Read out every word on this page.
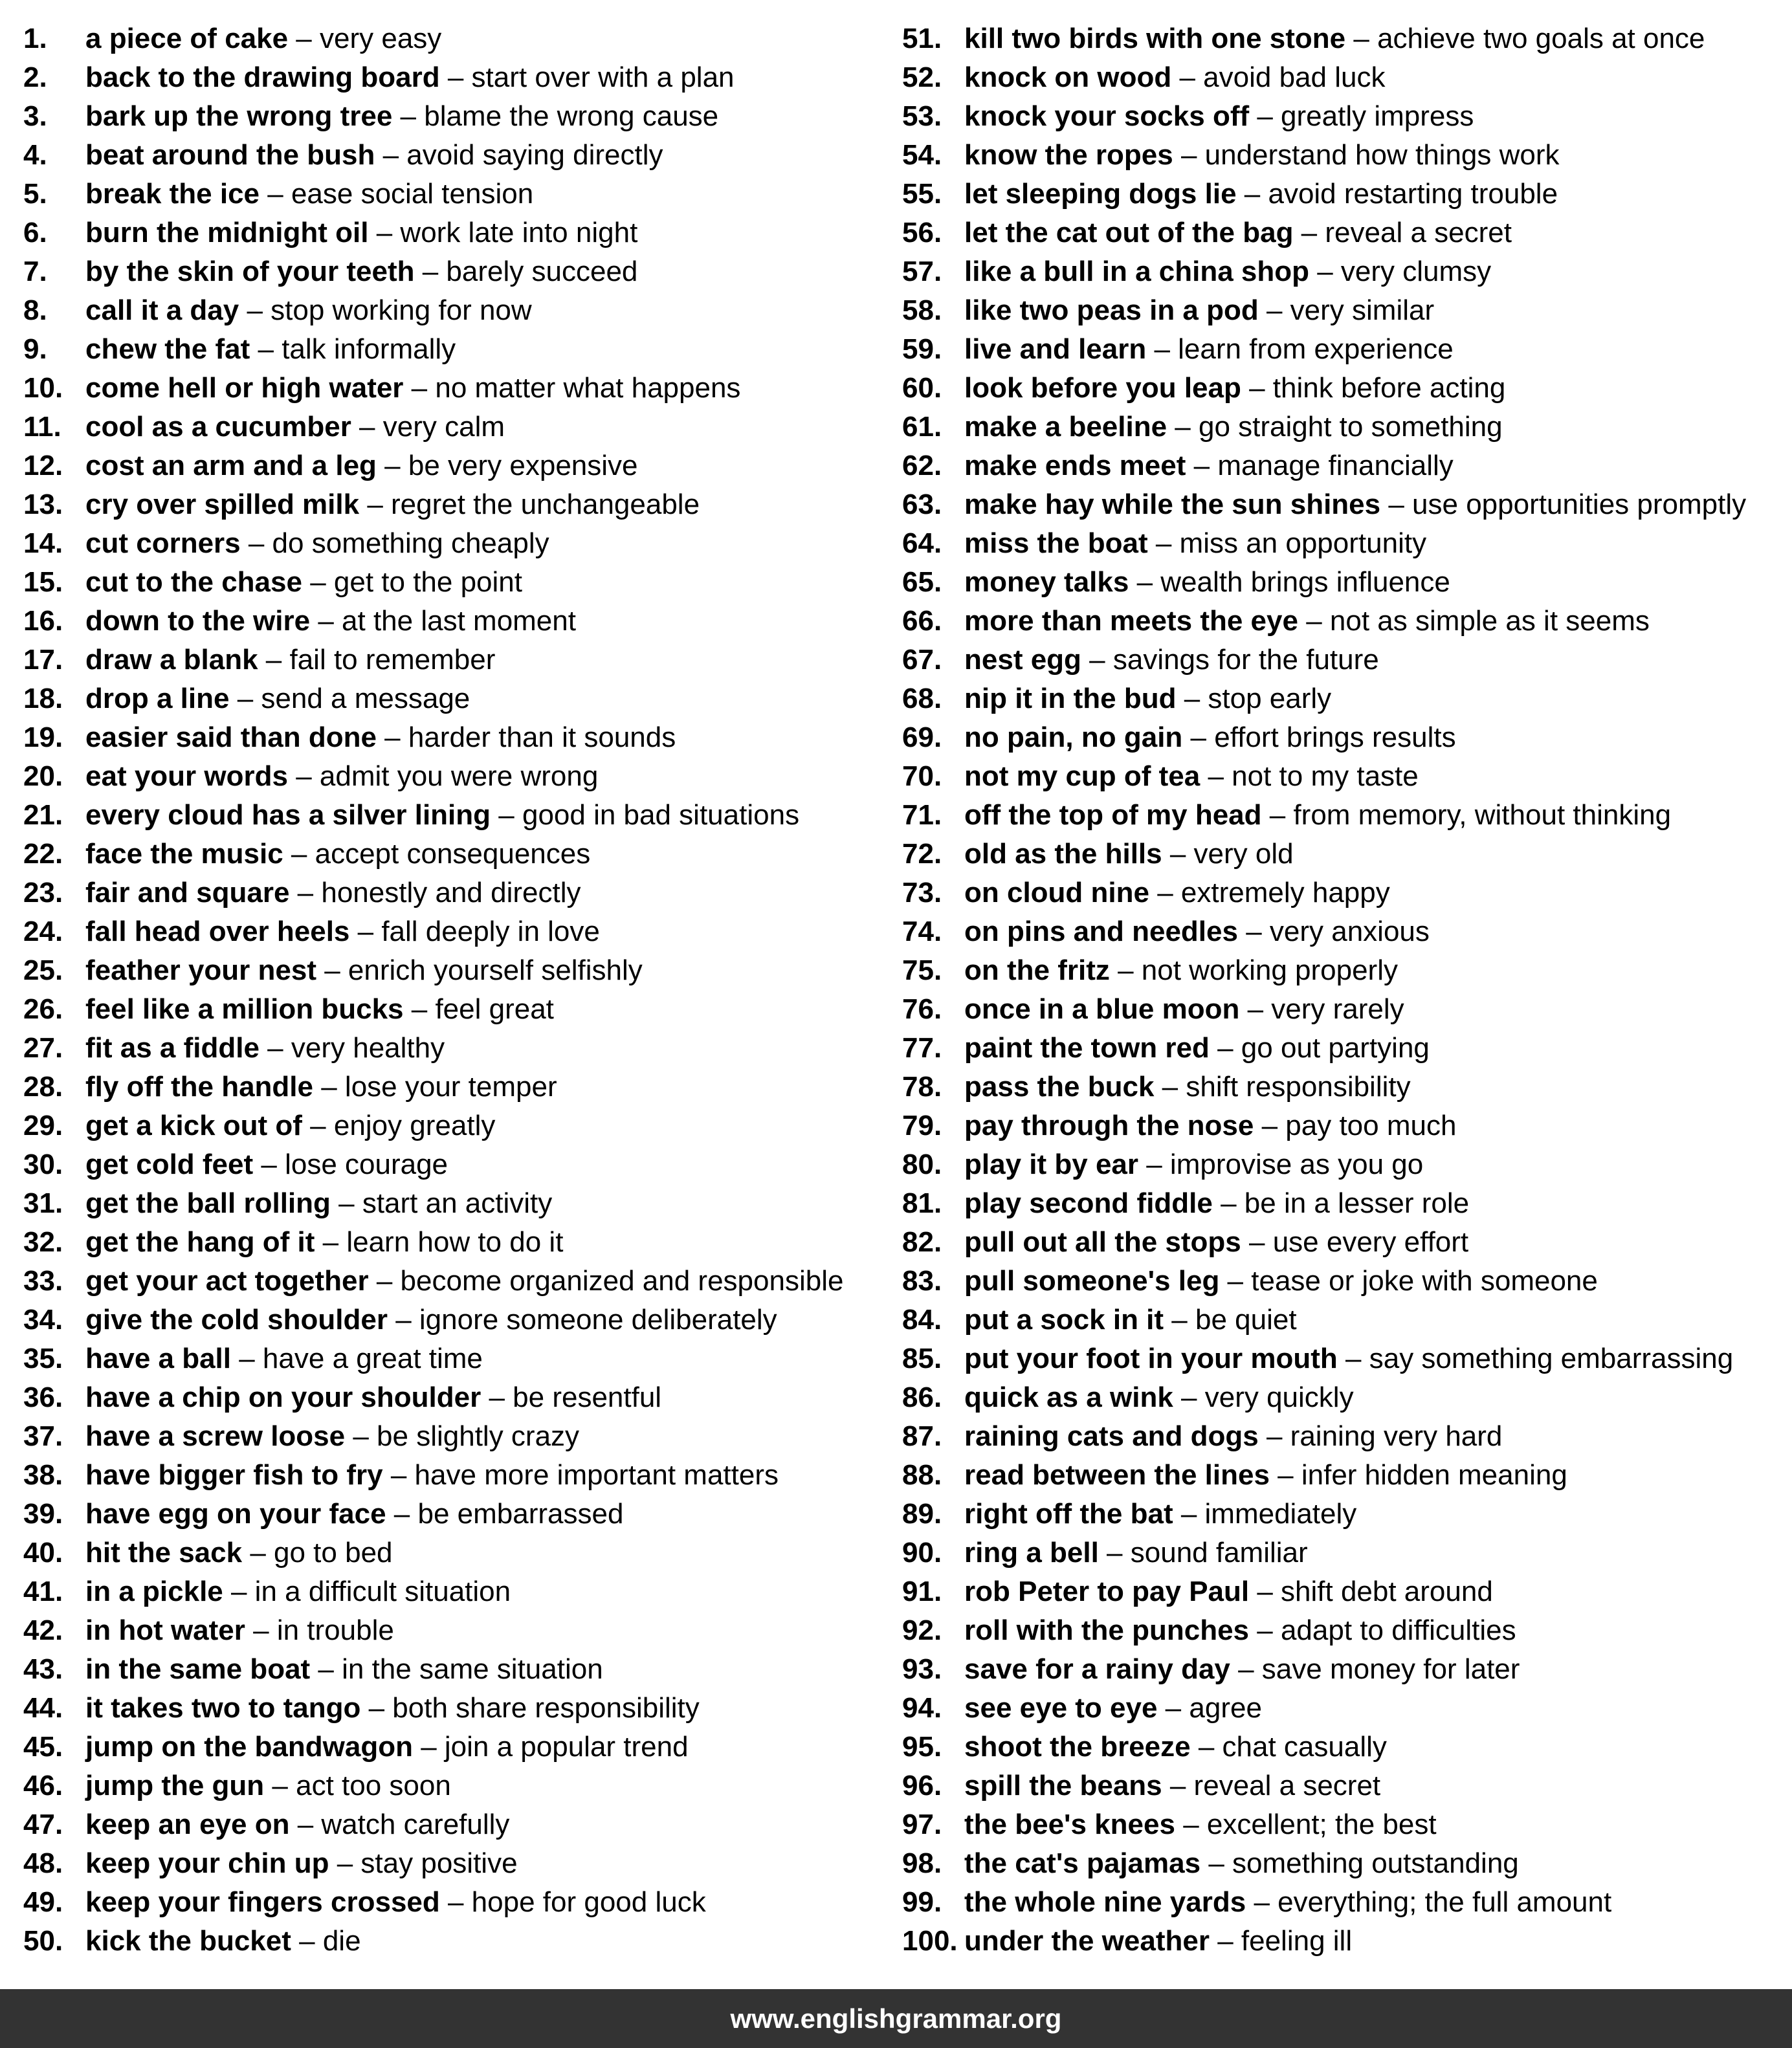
1. a piece of cake – very easy
2. back to the drawing board – start over with a plan
3. bark up the wrong tree – blame the wrong cause
4. beat around the bush – avoid saying directly
5. break the ice – ease social tension
6. burn the midnight oil – work late into night
7. by the skin of your teeth – barely succeed
8. call it a day – stop working for now
9. chew the fat – talk informally
10. come hell or high water – no matter what happens
11. cool as a cucumber – very calm
12. cost an arm and a leg – be very expensive
13. cry over spilled milk – regret the unchangeable
14. cut corners – do something cheaply
15. cut to the chase – get to the point
16. down to the wire – at the last moment
17. draw a blank – fail to remember
18. drop a line – send a message
19. easier said than done – harder than it sounds
20. eat your words – admit you were wrong
21. every cloud has a silver lining – good in bad situations
22. face the music – accept consequences
23. fair and square – honestly and directly
24. fall head over heels – fall deeply in love
25. feather your nest – enrich yourself selfishly
26. feel like a million bucks – feel great
27. fit as a fiddle – very healthy
28. fly off the handle – lose your temper
29. get a kick out of – enjoy greatly
30. get cold feet – lose courage
31. get the ball rolling – start an activity
32. get the hang of it – learn how to do it
33. get your act together – become organized and responsible
34. give the cold shoulder – ignore someone deliberately
35. have a ball – have a great time
36. have a chip on your shoulder – be resentful
37. have a screw loose – be slightly crazy
38. have bigger fish to fry – have more important matters
39. have egg on your face – be embarrassed
40. hit the sack – go to bed
41. in a pickle – in a difficult situation
42. in hot water – in trouble
43. in the same boat – in the same situation
44. it takes two to tango – both share responsibility
45. jump on the bandwagon – join a popular trend
46. jump the gun – act too soon
47. keep an eye on – watch carefully
48. keep your chin up – stay positive
49. keep your fingers crossed – hope for good luck
50. kick the bucket – die
51. kill two birds with one stone – achieve two goals at once
52. knock on wood – avoid bad luck
53. knock your socks off – greatly impress
54. know the ropes – understand how things work
55. let sleeping dogs lie – avoid restarting trouble
56. let the cat out of the bag – reveal a secret
57. like a bull in a china shop – very clumsy
58. like two peas in a pod – very similar
59. live and learn – learn from experience
60. look before you leap – think before acting
61. make a beeline – go straight to something
62. make ends meet – manage financially
63. make hay while the sun shines – use opportunities promptly
64. miss the boat – miss an opportunity
65. money talks – wealth brings influence
66. more than meets the eye – not as simple as it seems
67. nest egg – savings for the future
68. nip it in the bud – stop early
69. no pain, no gain – effort brings results
70. not my cup of tea – not to my taste
71. off the top of my head – from memory, without thinking
72. old as the hills – very old
73. on cloud nine – extremely happy
74. on pins and needles – very anxious
75. on the fritz – not working properly
76. once in a blue moon – very rarely
77. paint the town red – go out partying
78. pass the buck – shift responsibility
79. pay through the nose – pay too much
80. play it by ear – improvise as you go
81. play second fiddle – be in a lesser role
82. pull out all the stops – use every effort
83. pull someone's leg – tease or joke with someone
84. put a sock in it – be quiet
85. put your foot in your mouth – say something embarrassing
86. quick as a wink – very quickly
87. raining cats and dogs – raining very hard
88. read between the lines – infer hidden meaning
89. right off the bat – immediately
90. ring a bell – sound familiar
91. rob Peter to pay Paul – shift debt around
92. roll with the punches – adapt to difficulties
93. save for a rainy day – save money for later
94. see eye to eye – agree
95. shoot the breeze – chat casually
96. spill the beans – reveal a secret
97. the bee's knees – excellent; the best
98. the cat's pajamas – something outstanding
99. the whole nine yards – everything; the full amount
100. under the weather – feeling ill
www.englishgrammar.org
